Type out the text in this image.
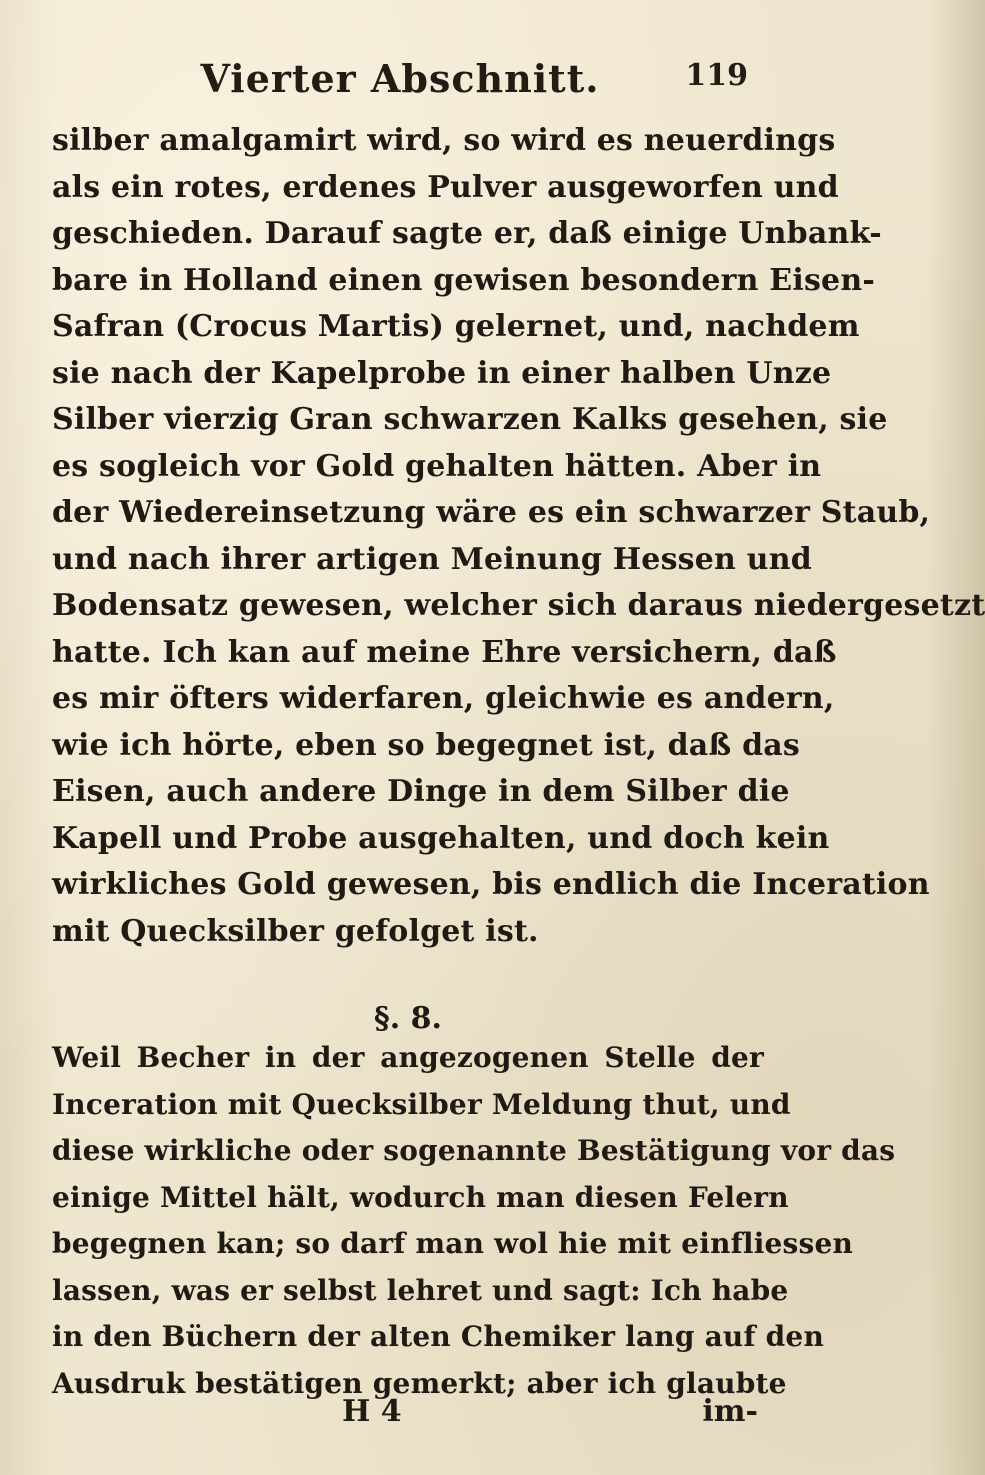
Vierter Abschnitt.	119
silber amalgamirt wird, so wird es neuerdings
als ein rotes, erdenes Pulver ausgeworfen und
geschieden. Darauf sagte er, daß einige Unbank-
bare in Holland einen gewisen besondern Eisen-
Safran (Crocus Martis) gelernet, und, nachdem
sie nach der Kapelprobe in einer halben Unze
Silber vierzig Gran schwarzen Kalks gesehen, sie
es sogleich vor Gold gehalten hätten. Aber in
der Wiedereinsetzung wäre es ein schwarzer Staub,
und nach ihrer artigen Meinung Hessen und
Bodensatz gewesen, welcher sich daraus niedergesetzt
hatte. Ich kan auf meine Ehre versichern, daß
es mir öfters widerfaren, gleichwie es andern,
wie ich hörte, eben so begegnet ist, daß das
Eisen, auch andere Dinge in dem Silber die
Kapell und Probe ausgehalten, und doch kein
wirkliches Gold gewesen, bis endlich die Inceration
mit Quecksilber gefolget ist.
§. 8.
Weil Becher in der angezogenen Stelle der
Inceration mit Quecksilber Meldung thut, und
diese wirkliche oder sogenannte Bestätigung vor das
einige Mittel hält, wodurch man diesen Felern
begegnen kan; so darf man wol hie mit einfliessen
lassen, was er selbst lehret und sagt: Ich habe
in den Büchern der alten Chemiker lang auf den
Ausdruk bestätigen gemerkt; aber ich glaubte
H 4	im-
